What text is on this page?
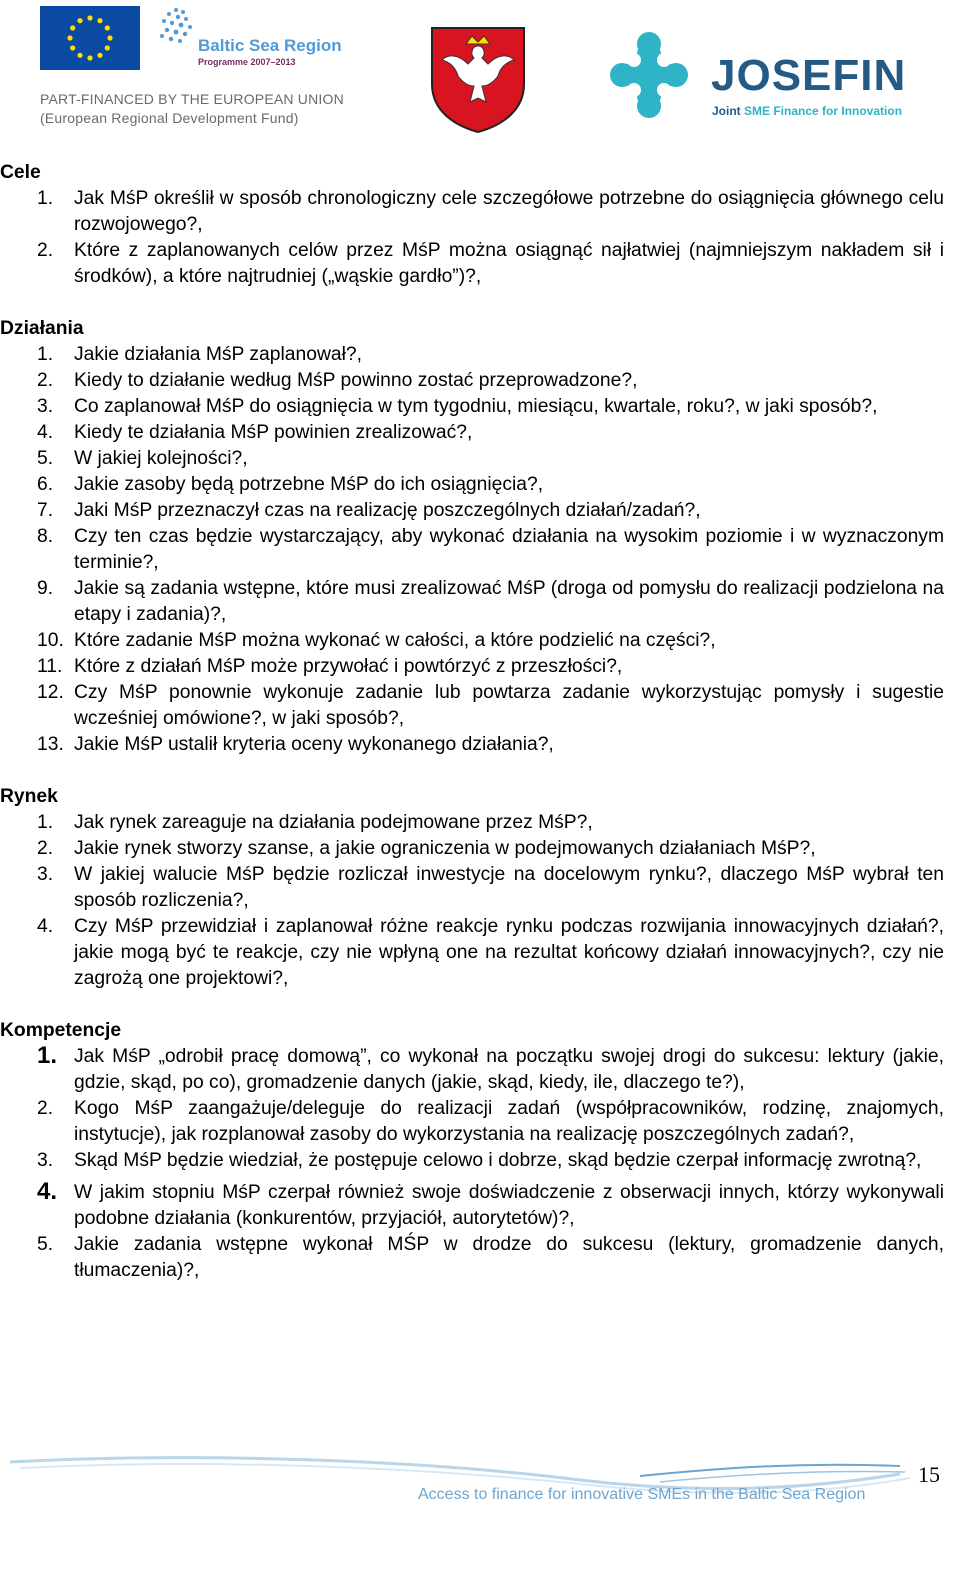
Baltic Sea Region
Programme 2007–2013
PART-FINANCED BY THE EUROPEAN UNION
(European Regional Development Fund)
JOSEFIN
Joint SME Finance for Innovation
Cele
1. Jak MśP określił w sposób chronologiczny cele szczegółowe potrzebne do osiągnięcia głównego celu rozwojowego?,
2. Które z zaplanowanych celów przez MśP można osiągnąć najłatwiej (najmniejszym nakładem sił i środków), a które najtrudniej („wąskie gardło”)?,
Działania
1. Jakie działania MśP zaplanował?,
2. Kiedy to działanie według MśP powinno zostać przeprowadzone?,
3. Co zaplanował MśP do osiągnięcia w tym tygodniu, miesiącu, kwartale, roku?, w jaki sposób?,
4. Kiedy te działania MśP powinien zrealizować?,
5. W jakiej kolejności?,
6. Jakie zasoby będą potrzebne MśP do ich osiągnięcia?,
7. Jaki MśP przeznaczył czas na realizację poszczególnych działań/zadań?,
8. Czy ten czas będzie wystarczający, aby wykonać działania na wysokim poziomie i w wyznaczonym terminie?,
9. Jakie są zadania wstępne, które musi zrealizować MśP (droga od pomysłu do realizacji podzielona na etapy i zadania)?,
10. Które zadanie MśP można wykonać w całości, a które podzielić na części?,
11. Które z działań MśP może przywołać i powtórzyć z przeszłości?,
12. Czy MśP ponownie wykonuje zadanie lub powtarza zadanie wykorzystując pomysły i sugestie wcześniej omówione?, w jaki sposób?,
13. Jakie MśP ustalił kryteria oceny wykonanego działania?,
Rynek
1. Jak rynek zareaguje na działania podejmowane przez MśP?,
2. Jakie rynek stworzy szanse, a jakie ograniczenia w podejmowanych działaniach MśP?,
3. W jakiej walucie MśP będzie rozliczał inwestycje na docelowym rynku?, dlaczego MśP wybrał ten sposób rozliczenia?,
4. Czy MśP przewidział i zaplanował różne reakcje rynku podczas rozwijania innowacyjnych działań?, jakie mogą być te reakcje, czy nie wpłyną one na rezultat końcowy działań innowacyjnych?, czy nie zagrożą one projektowi?,
Kompetencje
1. Jak MśP „odrobił pracę domową”, co wykonał na początku swojej drogi do sukcesu: lektury (jakie, gdzie, skąd, po co), gromadzenie danych (jakie, skąd, kiedy, ile, dlaczego te?),
2. Kogo MśP zaangażuje/deleguje do realizacji zadań (współpracowników, rodzinę, znajomych, instytucje), jak rozplanował zasoby do wykorzystania na realizację poszczególnych zadań?,
3. Skąd MśP będzie wiedział, że postępuje celowo i dobrze, skąd będzie czerpał informację zwrotną?,
4. W jakim stopniu MśP czerpał również swoje doświadczenie z obserwacji innych, którzy wykonywali podobne działania (konkurentów, przyjaciół, autorytetów)?,
5. Jakie zadania wstępne wykonał MŚP w drodze do sukcesu (lektury, gromadzenie danych, tłumaczenia)?,
Access to finance for innovative SMEs in the Baltic Sea Region
15
